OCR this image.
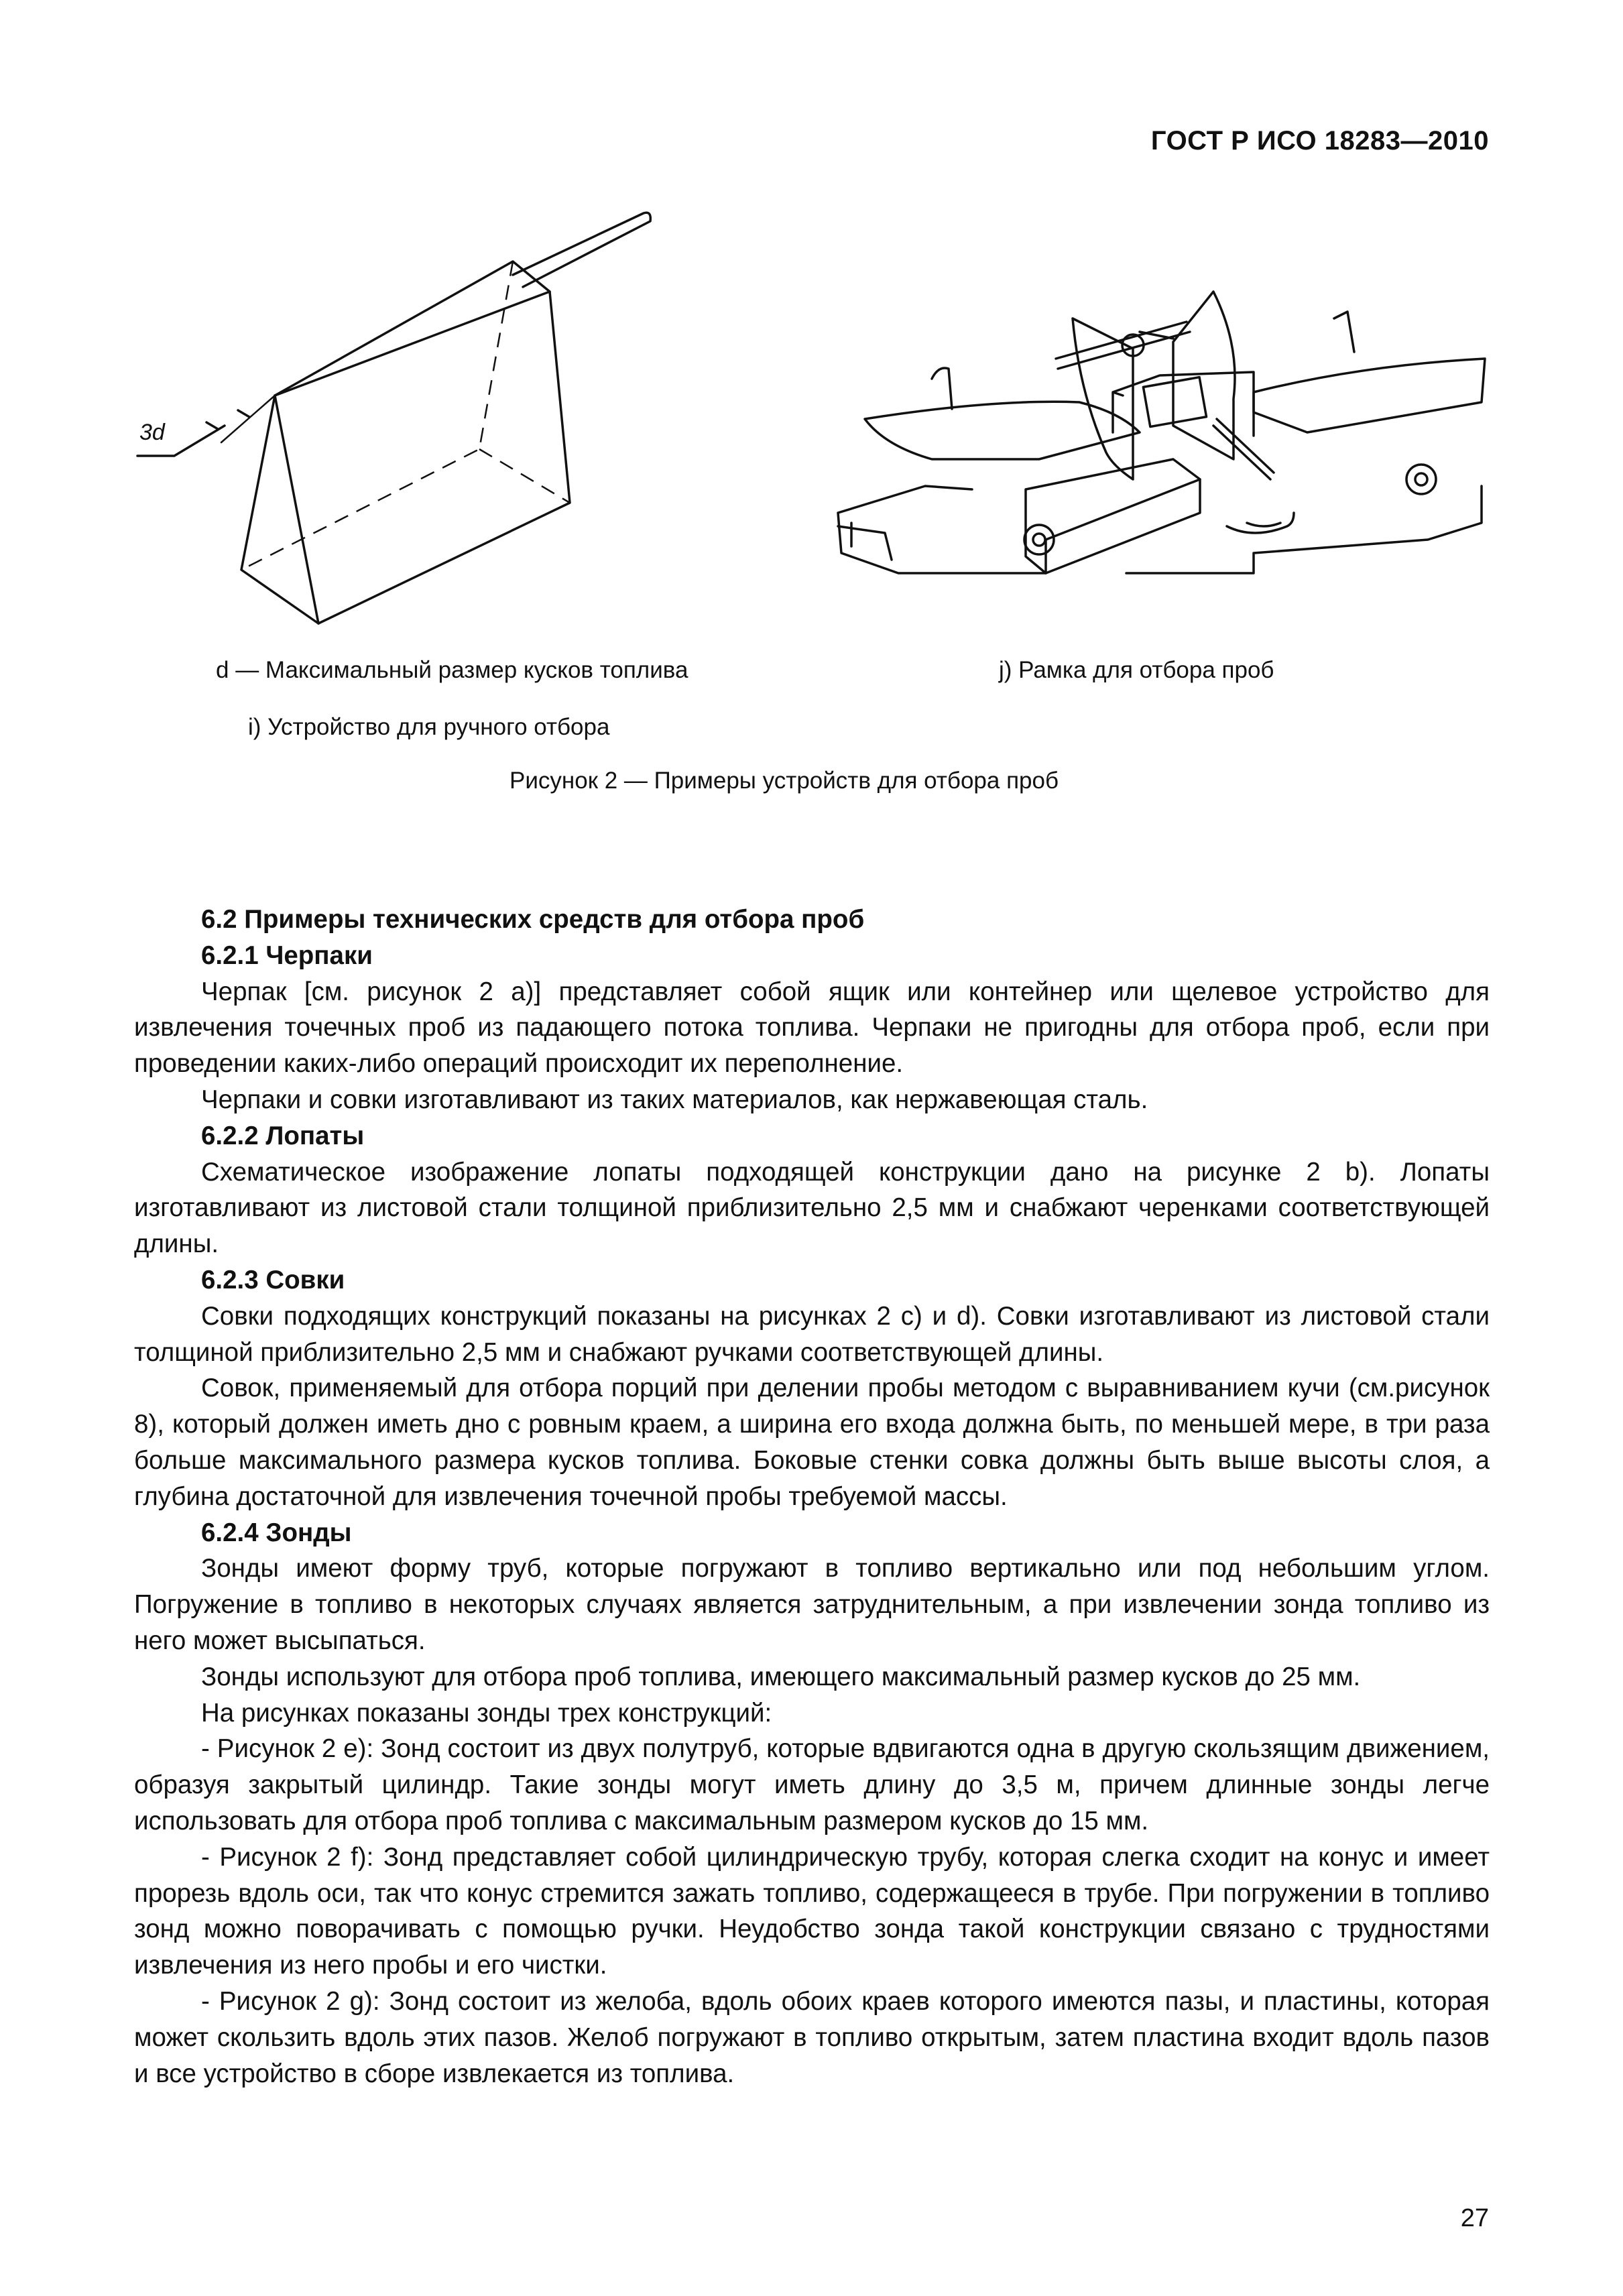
ГОСТ Р ИСО 18283—2010
3d
d — Максимальный размер кусков топлива	j) Рамка для отбора проб
i) Устройство для ручного отбора
Рисунок 2 — Примеры устройств для отбора проб

6.2 Примеры технических средств для отбора проб

6.2.1 Черпаки

Черпак [см. рисунок 2 a)] представляет собой ящик или контейнер или щелевое устройство для извлечения точечных проб из падающего потока топлива. Черпаки не пригодны для отбора проб, если при проведении каких-либо операций происходит их переполнение.

Черпаки и совки изготавливают из таких материалов, как нержавеющая сталь.

6.2.2 Лопаты

Схематическое изображение лопаты подходящей конструкции дано на рисунке 2 b). Лопаты изготавливают из листовой стали толщиной приблизительно 2,5 мм и снабжают черенками соответствующей длины.

6.2.3 Совки

Совки подходящих конструкций показаны на рисунках 2 c) и d). Совки изготавливают из листовой стали толщиной приблизительно 2,5 мм и снабжают ручками соответствующей длины.

Совок, применяемый для отбора порций при делении пробы методом с выравниванием кучи (см.рисунок 8), который должен иметь дно с ровным краем, а ширина его входа должна быть, по меньшей мере, в три раза больше максимального размера кусков топлива. Боковые стенки совка должны быть выше высоты слоя, а глубина достаточной для извлечения точечной пробы требуемой массы.

6.2.4 Зонды

Зонды имеют форму труб, которые погружают в топливо вертикально или под небольшим углом. Погружение в топливо в некоторых случаях является затруднительным, а при извлечении зонда топливо из него может высыпаться.

Зонды используют для отбора проб топлива, имеющего максимальный размер кусков до 25 мм.

На рисунках показаны зонды трех конструкций:

- Рисунок 2 е): Зонд состоит из двух полутруб, которые вдвигаются одна в другую скользящим движением, образуя закрытый цилиндр. Такие зонды могут иметь длину до 3,5 м, причем длинные зонды легче использовать для отбора проб топлива с максимальным размером кусков до 15 мм.

- Рисунок 2 f): Зонд представляет собой цилиндрическую трубу, которая слегка сходит на конус и имеет прорезь вдоль оси, так что конус стремится зажать топливо, содержащееся в трубе. При погружении в топливо зонд можно поворачивать с помощью ручки. Неудобство зонда такой конструкции связано с трудностями извлечения из него пробы и его чистки.

- Рисунок 2 g): Зонд состоит из желоба, вдоль обоих краев которого имеются пазы, и пластины, которая может скользить вдоль этих пазов. Желоб погружают в топливо открытым, затем пластина входит вдоль пазов и все устройство в сборе извлекается из топлива.

27
